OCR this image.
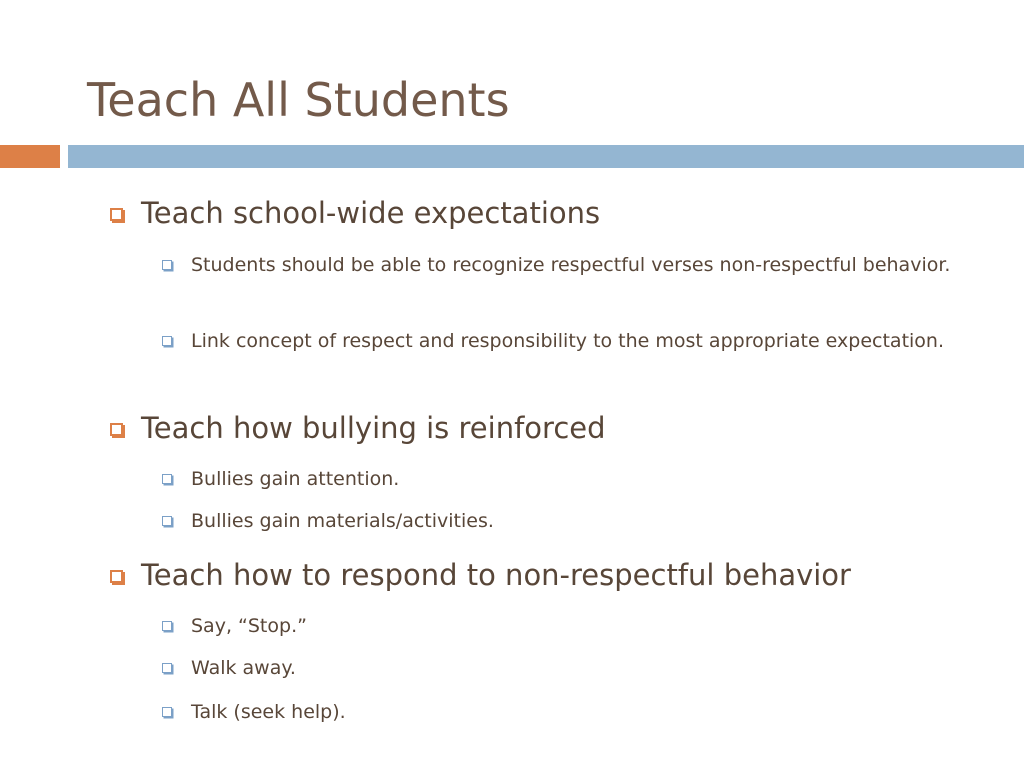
Teach All Students
Teach school-wide expectations
Students should be able to recognize respectful verses non-respectful behavior.
Link concept of respect and responsibility to the most appropriate expectation.
Teach how bullying is reinforced
Bullies gain attention.
Bullies gain materials/activities.
Teach how to respond to non-respectful behavior
Say, “Stop.”
Walk away.
Talk (seek help).
